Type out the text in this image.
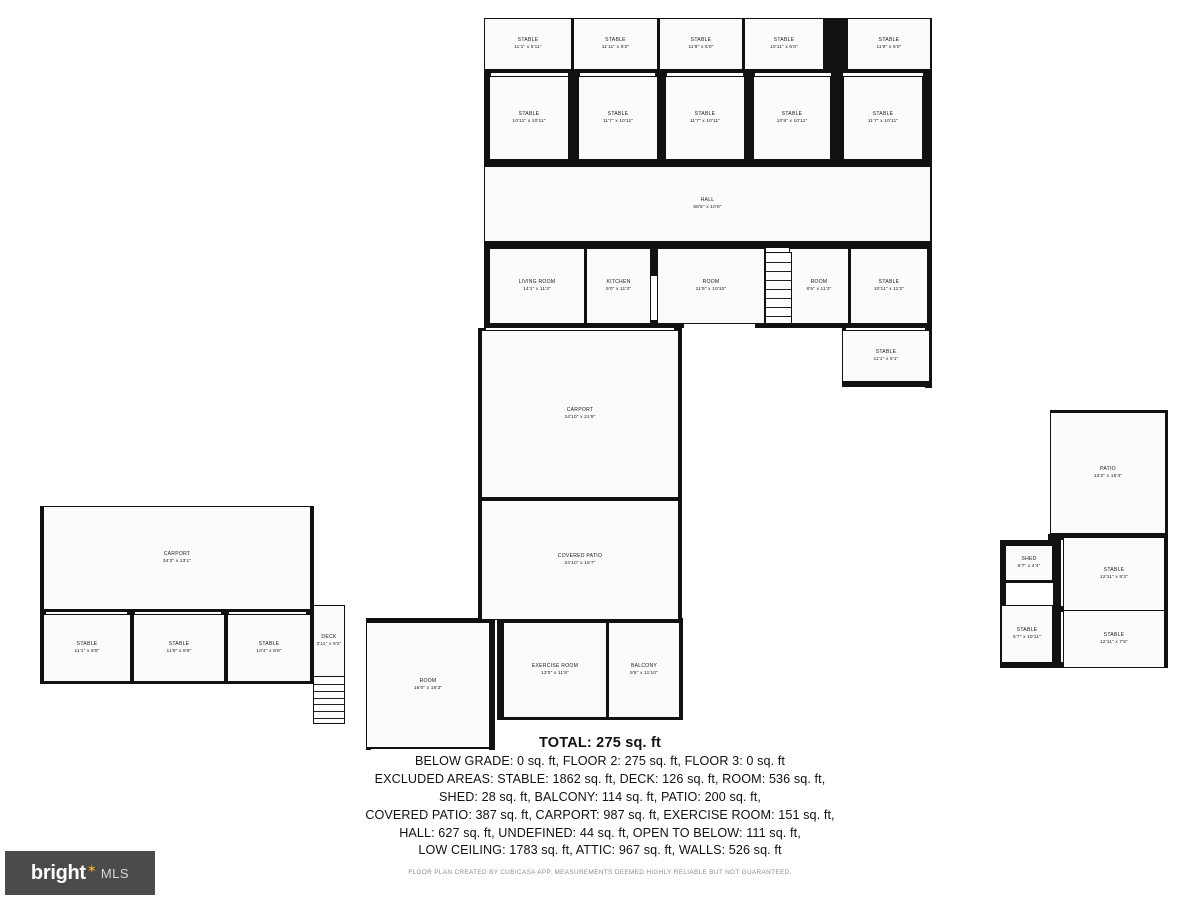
STABLE
11'1" x 5'11"
STABLE
11'11" x 6'0"
STABLE
11'9" x 6'0"
STABLE
10'11" x 6'0"
STABLE
11'9" x 6'0"
STABLE
10'11" x 10'11"
STABLE
11'7" x 10'11"
STABLE
11'7" x 10'11"
STABLE
10'9" x 10'11"
STABLE
11'7" x 10'11"
HALL
58'5" x 10'8"
LIVING ROOM
14'1" x 11'3"
KITCHEN
9'0" x 11'3"
ROOM
11'5" x 10'10"
ROOM
8'5" x 11'3"
STABLE
10'11" x 11'2"
STABLE
11'1" x 6'1"
CARPORT
24'10" x 21'8"
COVERED PATIO
24'10" x 15'7"
ROOM
16'0" x 16'3"
EXERCISE ROOM
13'0" x 11'8"
BALCONY
9'8" x 11'10"
CARPORT
34'3" x 13'1"
STABLE
11'1" x 8'8"
STABLE
11'9" x 8'8"
STABLE
10'4" x 8'8"
DECK
3'11" x 9'2"
PATIO
13'2" x 15'3"
SHED
6'7" x 4'4"	STABLE
12'11" x 9'3"
STABLE
6'7" x 10'11"
STABLE
12'11" x 7'8"
TOTAL: 275 sq. ft
BELOW GRADE: 0 sq. ft, FLOOR 2: 275 sq. ft, FLOOR 3: 0 sq. ft
EXCLUDED AREAS: STABLE: 1862 sq. ft, DECK: 126 sq. ft, ROOM: 536 sq. ft,
SHED: 28 sq. ft, BALCONY: 114 sq. ft, PATIO: 200 sq. ft,
COVERED PATIO: 387 sq. ft, CARPORT: 987 sq. ft, EXERCISE ROOM: 151 sq. ft,
HALL: 627 sq. ft, UNDEFINED: 44 sq. ft, OPEN TO BELOW: 111 sq. ft,
LOW CEILING: 1783 sq. ft, ATTIC: 967 sq. ft, WALLS: 526 sq. ft
FLOOR PLAN CREATED BY CUBICASA APP. MEASUREMENTS DEEMED HIGHLY RELIABLE BUT NOT GUARANTEED.
bright ✶ MLS
